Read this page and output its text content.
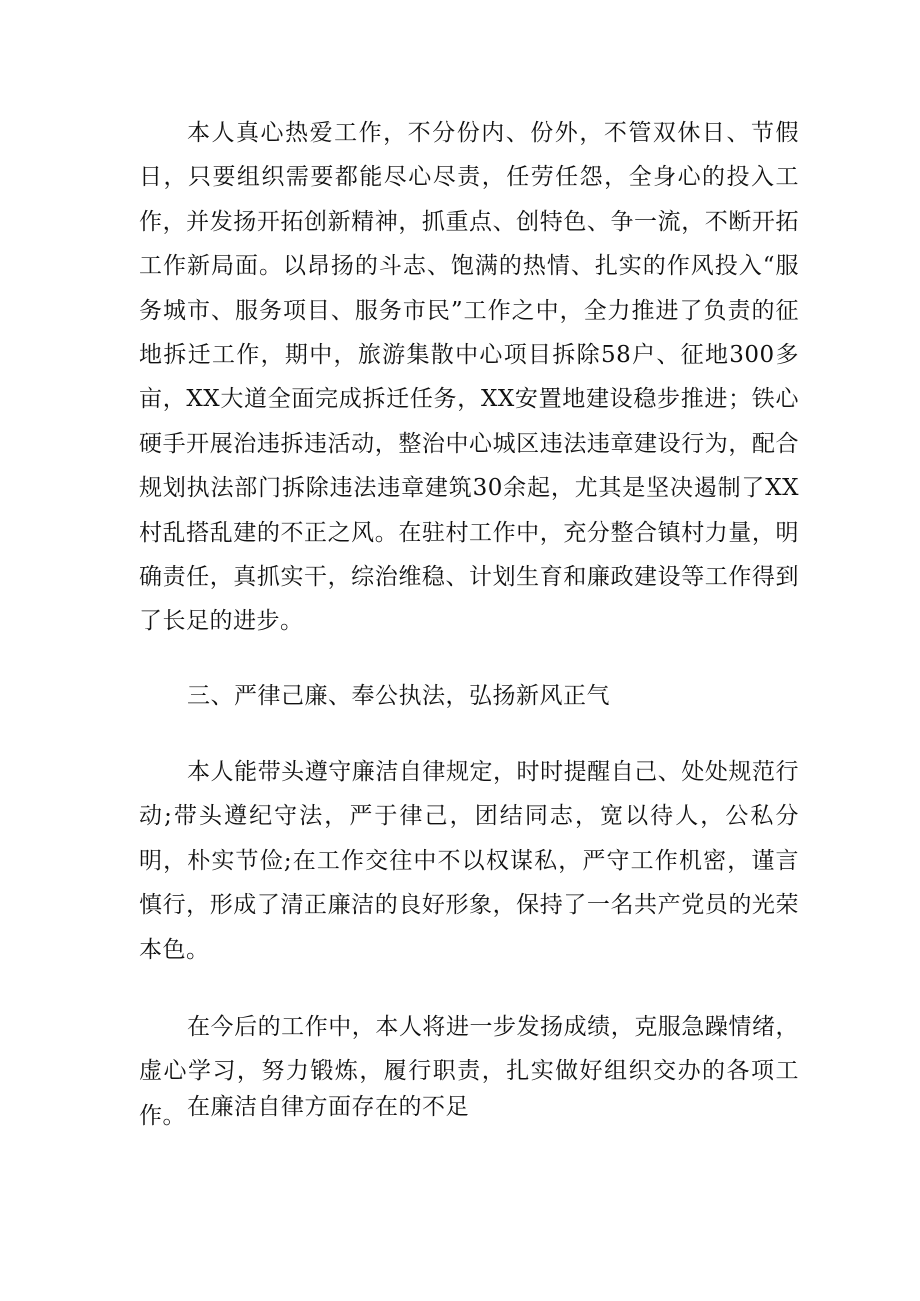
本人真心热爱工作，不分份内、份外，不管双休日、节假日，只要组织需要都能尽心尽责，任劳任怨，全身心的投入工作，并发扬开拓创新精神，抓重点、创特色、争一流，不断开拓工作新局面。以昂扬的斗志、饱满的热情、扎实的作风投入“服务城市、服务项目、服务市民”工作之中，全力推进了负责的征地拆迁工作，期中，旅游集散中心项目拆除58户、征地300多亩，XX大道全面完成拆迁任务，XX安置地建设稳步推进；铁心硬手开展治违拆违活动，整治中心城区违法违章建设行为，配合规划执法部门拆除违法违章建筑30余起，尤其是坚决遏制了XX村乱搭乱建的不正之风。在驻村工作中，充分整合镇村力量，明确责任，真抓实干，综治维稳、计划生育和廉政建设等工作得到了长足的进步。

三、严律己廉、奉公执法，弘扬新风正气

本人能带头遵守廉洁自律规定，时时提醒自己、处处规范行动;带头遵纪守法，严于律己，团结同志，宽以待人，公私分明，朴实节俭;在工作交往中不以权谋私，严守工作机密，谨言慎行，形成了清正廉洁的良好形象，保持了一名共产党员的光荣本色。

在今后的工作中，本人将进一步发扬成绩，克服急躁情绪，虚心学习，努力锻炼，履行职责，扎实做好组织交办的各项工作。 在廉洁自律方面存在的不足
